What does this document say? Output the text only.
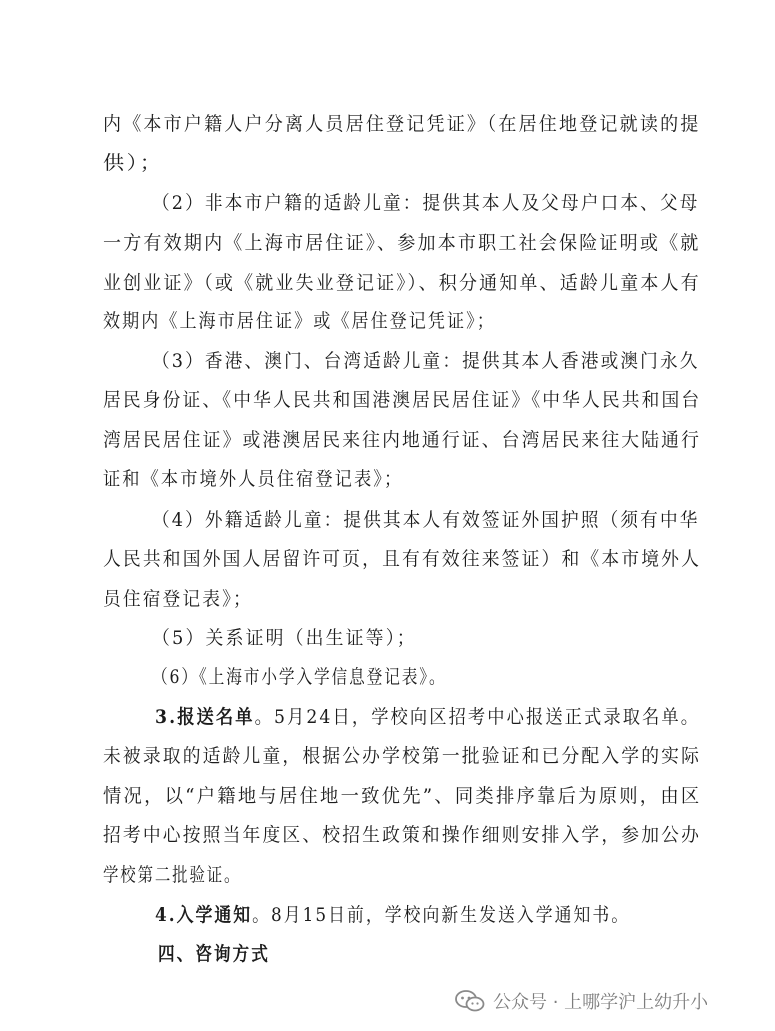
内《本市户籍人户分离人员居住登记凭证》（在居住地登记就读的提
供）；
（2）非本市户籍的适龄儿童：提供其本人及父母户口本、父母
一方有效期内《上海市居住证》、参加本市职工社会保险证明或《就
业创业证》（或《就业失业登记证》）、积分通知单、适龄儿童本人有
效期内《上海市居住证》或《居住登记凭证》；
（3）香港、澳门、台湾适龄儿童：提供其本人香港或澳门永久
居民身份证、《中华人民共和国港澳居民居住证》《中华人民共和国台
湾居民居住证》或港澳居民来往内地通行证、台湾居民来往大陆通行
证和《本市境外人员住宿登记表》；
（4）外籍适龄儿童：提供其本人有效签证外国护照（须有中华
人民共和国外国人居留许可页，且有有效往来签证）和《本市境外人
员住宿登记表》；
（5）关系证明（出生证等）；
（6）《上海市小学入学信息登记表》。
3.报送名单。5月24日，学校向区招考中心报送正式录取名单。
未被录取的适龄儿童，根据公办学校第一批验证和已分配入学的实际
情况，以“户籍地与居住地一致优先”、同类排序靠后为原则，由区
招考中心按照当年度区、校招生政策和操作细则安排入学，参加公办
学校第二批验证。
4.入学通知。8月15日前，学校向新生发送入学通知书。
四、咨询方式
公众号 · 上哪学沪上幼升小
